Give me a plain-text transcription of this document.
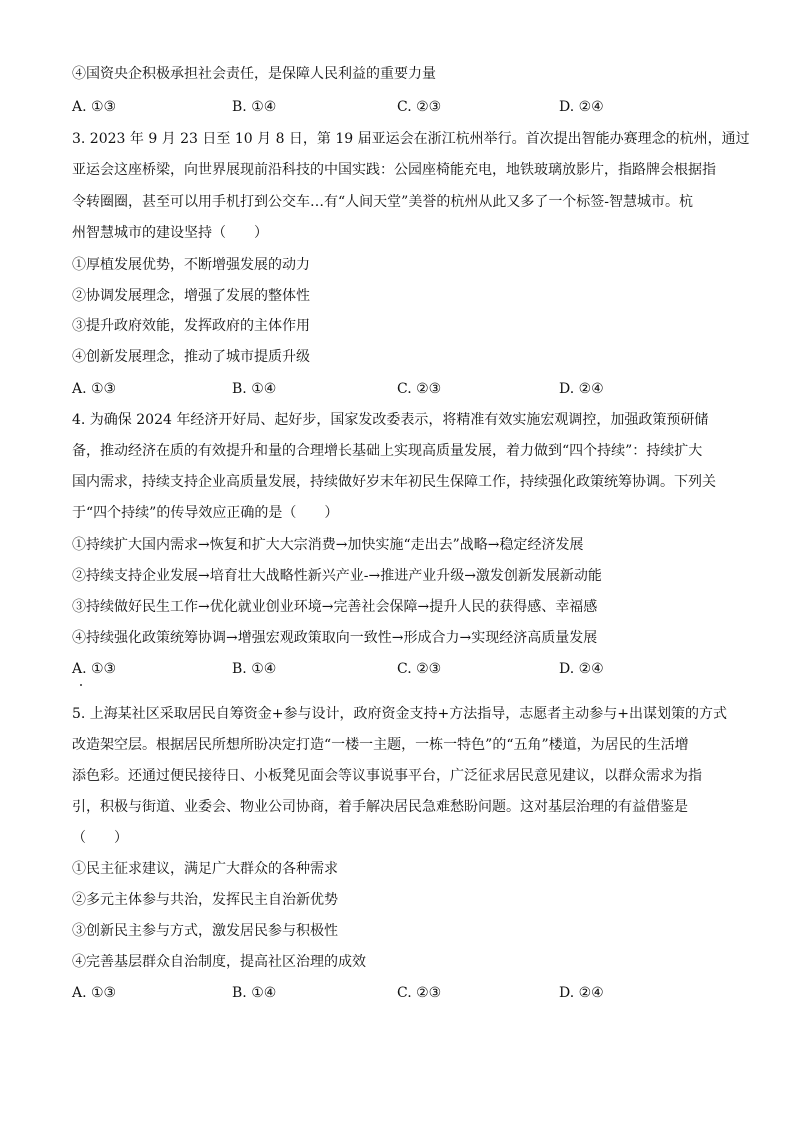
④国资央企积极承担社会责任，是保障人民利益的重要力量
A. ①③	B. ①④	C. ②③	D. ②④
3. 2023 年 9 月 23 日至 10 月 8 日，第 19 届亚运会在浙江杭州举行。首次提出智能办赛理念的杭州，通过
亚运会这座桥梁，向世界展现前沿科技的中国实践：公园座椅能充电，地铁玻璃放影片，指路牌会根据指
令转圈圈，甚至可以用手机打到公交车…有“人间天堂”美誉的杭州从此又多了一个标签-智慧城市。杭
州智慧城市的建设坚持（　　）
①厚植发展优势，不断增强发展的动力
②协调发展理念，增强了发展的整体性
③提升政府效能，发挥政府的主体作用
④创新发展理念，推动了城市提质升级
A. ①③	B. ①④	C. ②③	D. ②④
4. 为确保 2024 年经济开好局、起好步，国家发改委表示，将精准有效实施宏观调控，加强政策预研储
备，推动经济在质的有效提升和量的合理增长基础上实现高质量发展，着力做到“四个持续”：持续扩大
国内需求，持续支持企业高质量发展，持续做好岁末年初民生保障工作，持续强化政策统筹协调。下列关
于“四个持续”的传导效应正确的是（　　）
①持续扩大国内需求→恢复和扩大大宗消费→加快实施“走出去”战略→稳定经济发展
②持续支持企业发展→培育壮大战略性新兴产业-→推进产业升级→激发创新发展新动能
③持续做好民生工作→优化就业创业环境→完善社会保障→提升人民的获得感、幸福感
④持续强化政策统筹协调→增强宏观政策取向一致性→形成合力→实现经济高质量发展
A. ①③	B. ①④	C. ②③	D. ②④
5. 上海某社区采取居民自筹资金+参与设计，政府资金支持+方法指导，志愿者主动参与+出谋划策的方式
改造架空层。根据居民所想所盼决定打造“一楼一主题，一栋一特色”的“五角”楼道，为居民的生活增
添色彩。还通过便民接待日、小板凳见面会等议事说事平台，广泛征求居民意见建议，以群众需求为指
引，积极与街道、业委会、物业公司协商，着手解决居民急难愁盼问题。这对基层治理的有益借鉴是
（　　）
①民主征求建议，满足广大群众的各种需求
②多元主体参与共治，发挥民主自治新优势
③创新民主参与方式，激发居民参与积极性
④完善基层群众自治制度，提高社区治理的成效
A. ①③	B. ①④	C. ②③	D. ②④
